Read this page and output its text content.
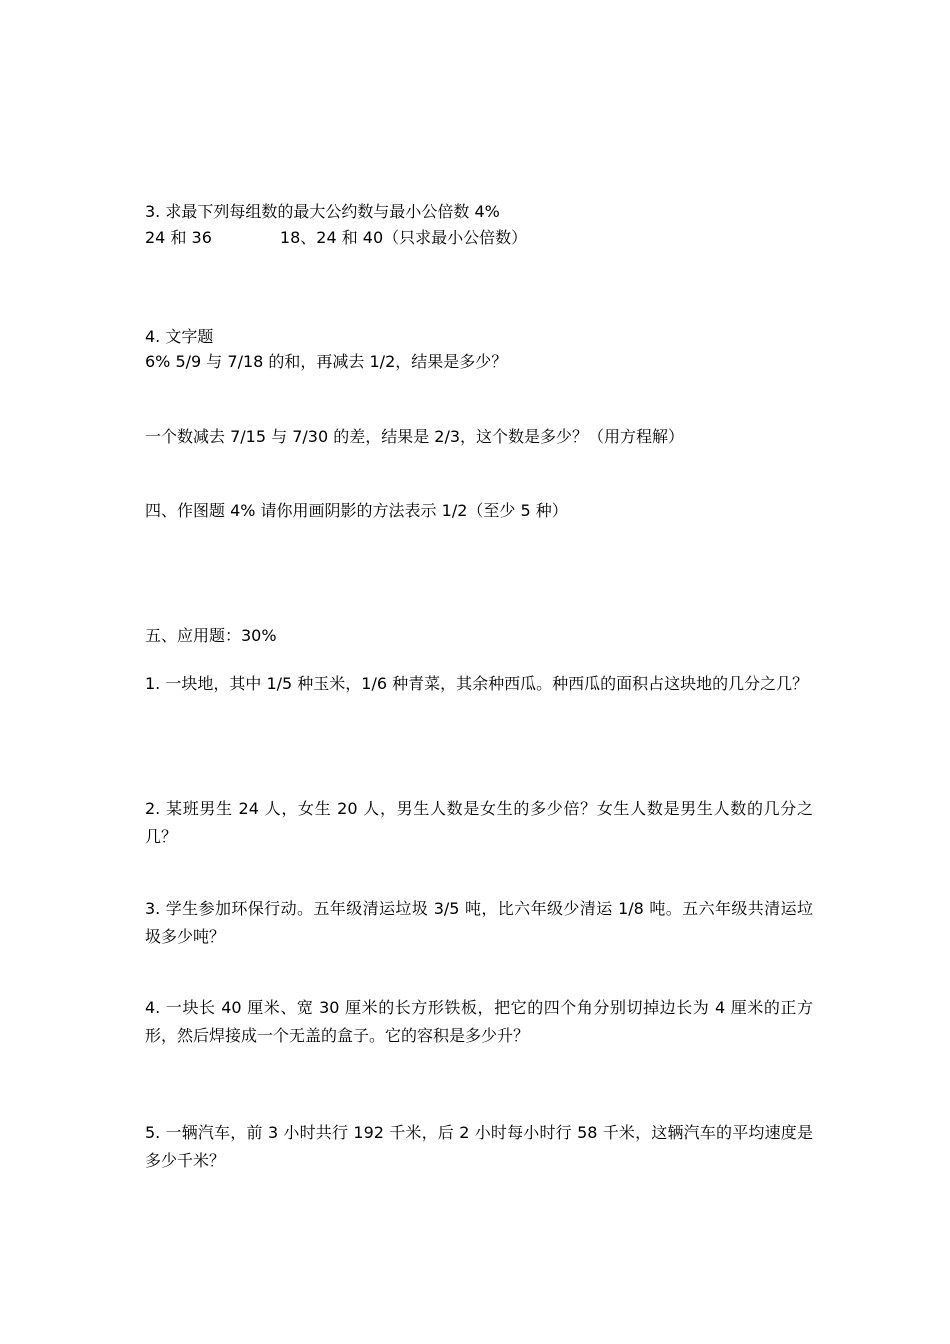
3. 求最下列每组数的最大公约数与最小公倍数 4%
24 和 36	18、24 和 40（只求最小公倍数）
4. 文字题
6% 5/9 与 7/18 的和，再减去 1/2，结果是多少？
一个数减去 7/15 与 7/30 的差，结果是 2/3，这个数是多少？（用方程解）
四、作图题 4% 请你用画阴影的方法表示 1/2（至少 5 种）
五、应用题：30%
1. 一块地，其中 1/5 种玉米，1/6 种青菜，其余种西瓜。种西瓜的面积占这块地的几分之几？
2. 某班男生 24 人，女生 20 人，男生人数是女生的多少倍？女生人数是男生人数的几分之几？
3. 学生参加环保行动。五年级清运垃圾 3/5 吨，比六年级少清运 1/8 吨。五六年级共清运垃圾多少吨？
4. 一块长 40 厘米、宽 30 厘米的长方形铁板，把它的四个角分别切掉边长为 4 厘米的正方形，然后焊接成一个无盖的盒子。它的容积是多少升？
5. 一辆汽车，前 3 小时共行 192 千米，后 2 小时每小时行 58 千米，这辆汽车的平均速度是多少千米？
